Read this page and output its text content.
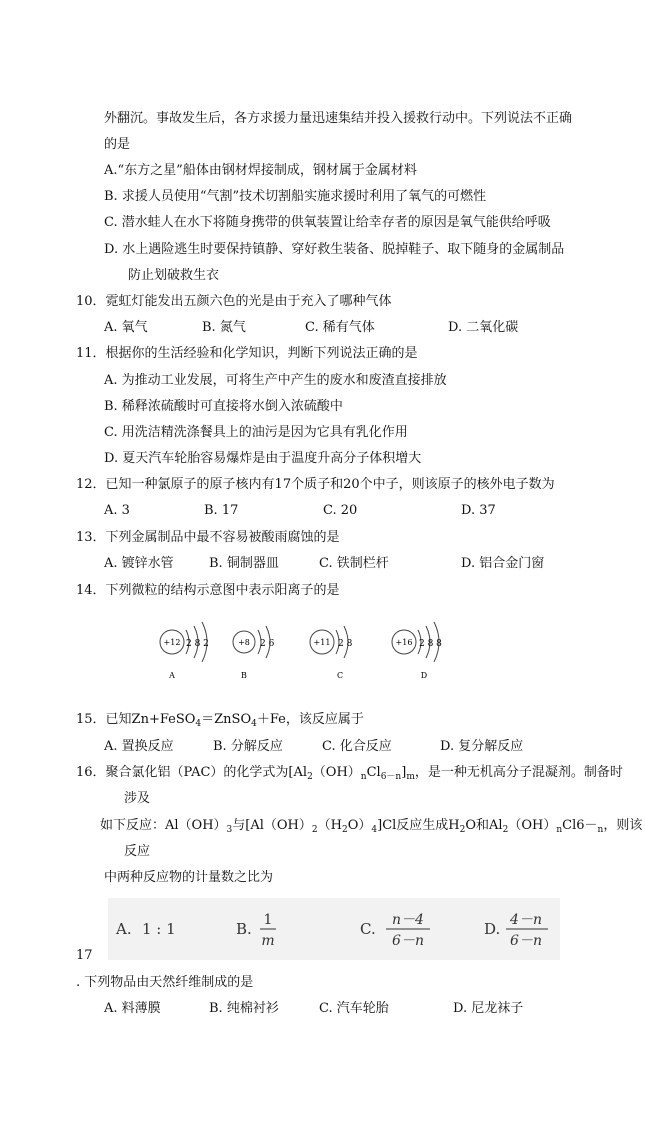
外翻沉。事故发生后，各方求援力量迅速集结并投入援救行动中。下列说法不正确
的是
A.“东方之星”船体由钢材焊接制成，钢材属于金属材料
B. 求援人员使用“气割”技术切割船实施求援时利用了氧气的可燃性
C. 潜水蛙人在水下将随身携带的供氧装置让给幸存者的原因是氧气能供给呼吸
D. 水上遇险逃生时要保持镇静、穿好救生装备、脱掉鞋子、取下随身的金属制品
防止划破救生衣
10．霓虹灯能发出五颜六色的光是由于充入了哪种气体
A. 氧气	B. 氮气	C. 稀有气体	D. 二氧化碳
11．根据你的生活经验和化学知识，判断下列说法正确的是
A. 为推动工业发展，可将生产中产生的废水和废渣直接排放
B. 稀释浓硫酸时可直接将水倒入浓硫酸中
C. 用洗洁精洗涤餐具上的油污是因为它具有乳化作用
D. 夏天汽车轮胎容易爆炸是由于温度升高分子体积增大
12．已知一种氯原子的原子核内有17个质子和20个中子，则该原子的核外电子数为
A. 3	B. 17	C. 20	D. 37
13．下列金属制品中最不容易被酸雨腐蚀的是
A. 镀锌水管	B. 铜制器皿	C. 铁制栏杆	D. 铝合金门窗
14．下列微粒的结构示意图中表示阳离子的是
+12 2 8 2
A
+8 2 6
B
+11 2 8
C
+16 2 8 8
D
15．已知Zn+FeSO$_4$＝ZnSO$_4$＋Fe，该反应属于
A. 置换反应	B. 分解反应	C. 化合反应	D. 复分解反应
16．聚合氯化铝（PAC）的化学式为$[Al_2(OH)_nCl_{6-n}]_m$，是一种无机高分子混凝剂。制备时
涉及
如下反应：$Al(OH)_3$与$[Al(OH)_2(H_2O)_4]Cl$反应生成$H_2O$和$Al_2(OH)_nCl6-_n$，则该
反应
中两种反应物的计量数之比为
A. 1 : 1	B. 1
m
C. n－4
6－n
D. 4－n
6－n
17
. 下列物品由天然纤维制成的是
A. 料薄膜	B. 纯棉衬衫	C. 汽车轮胎	D. 尼龙袜子
